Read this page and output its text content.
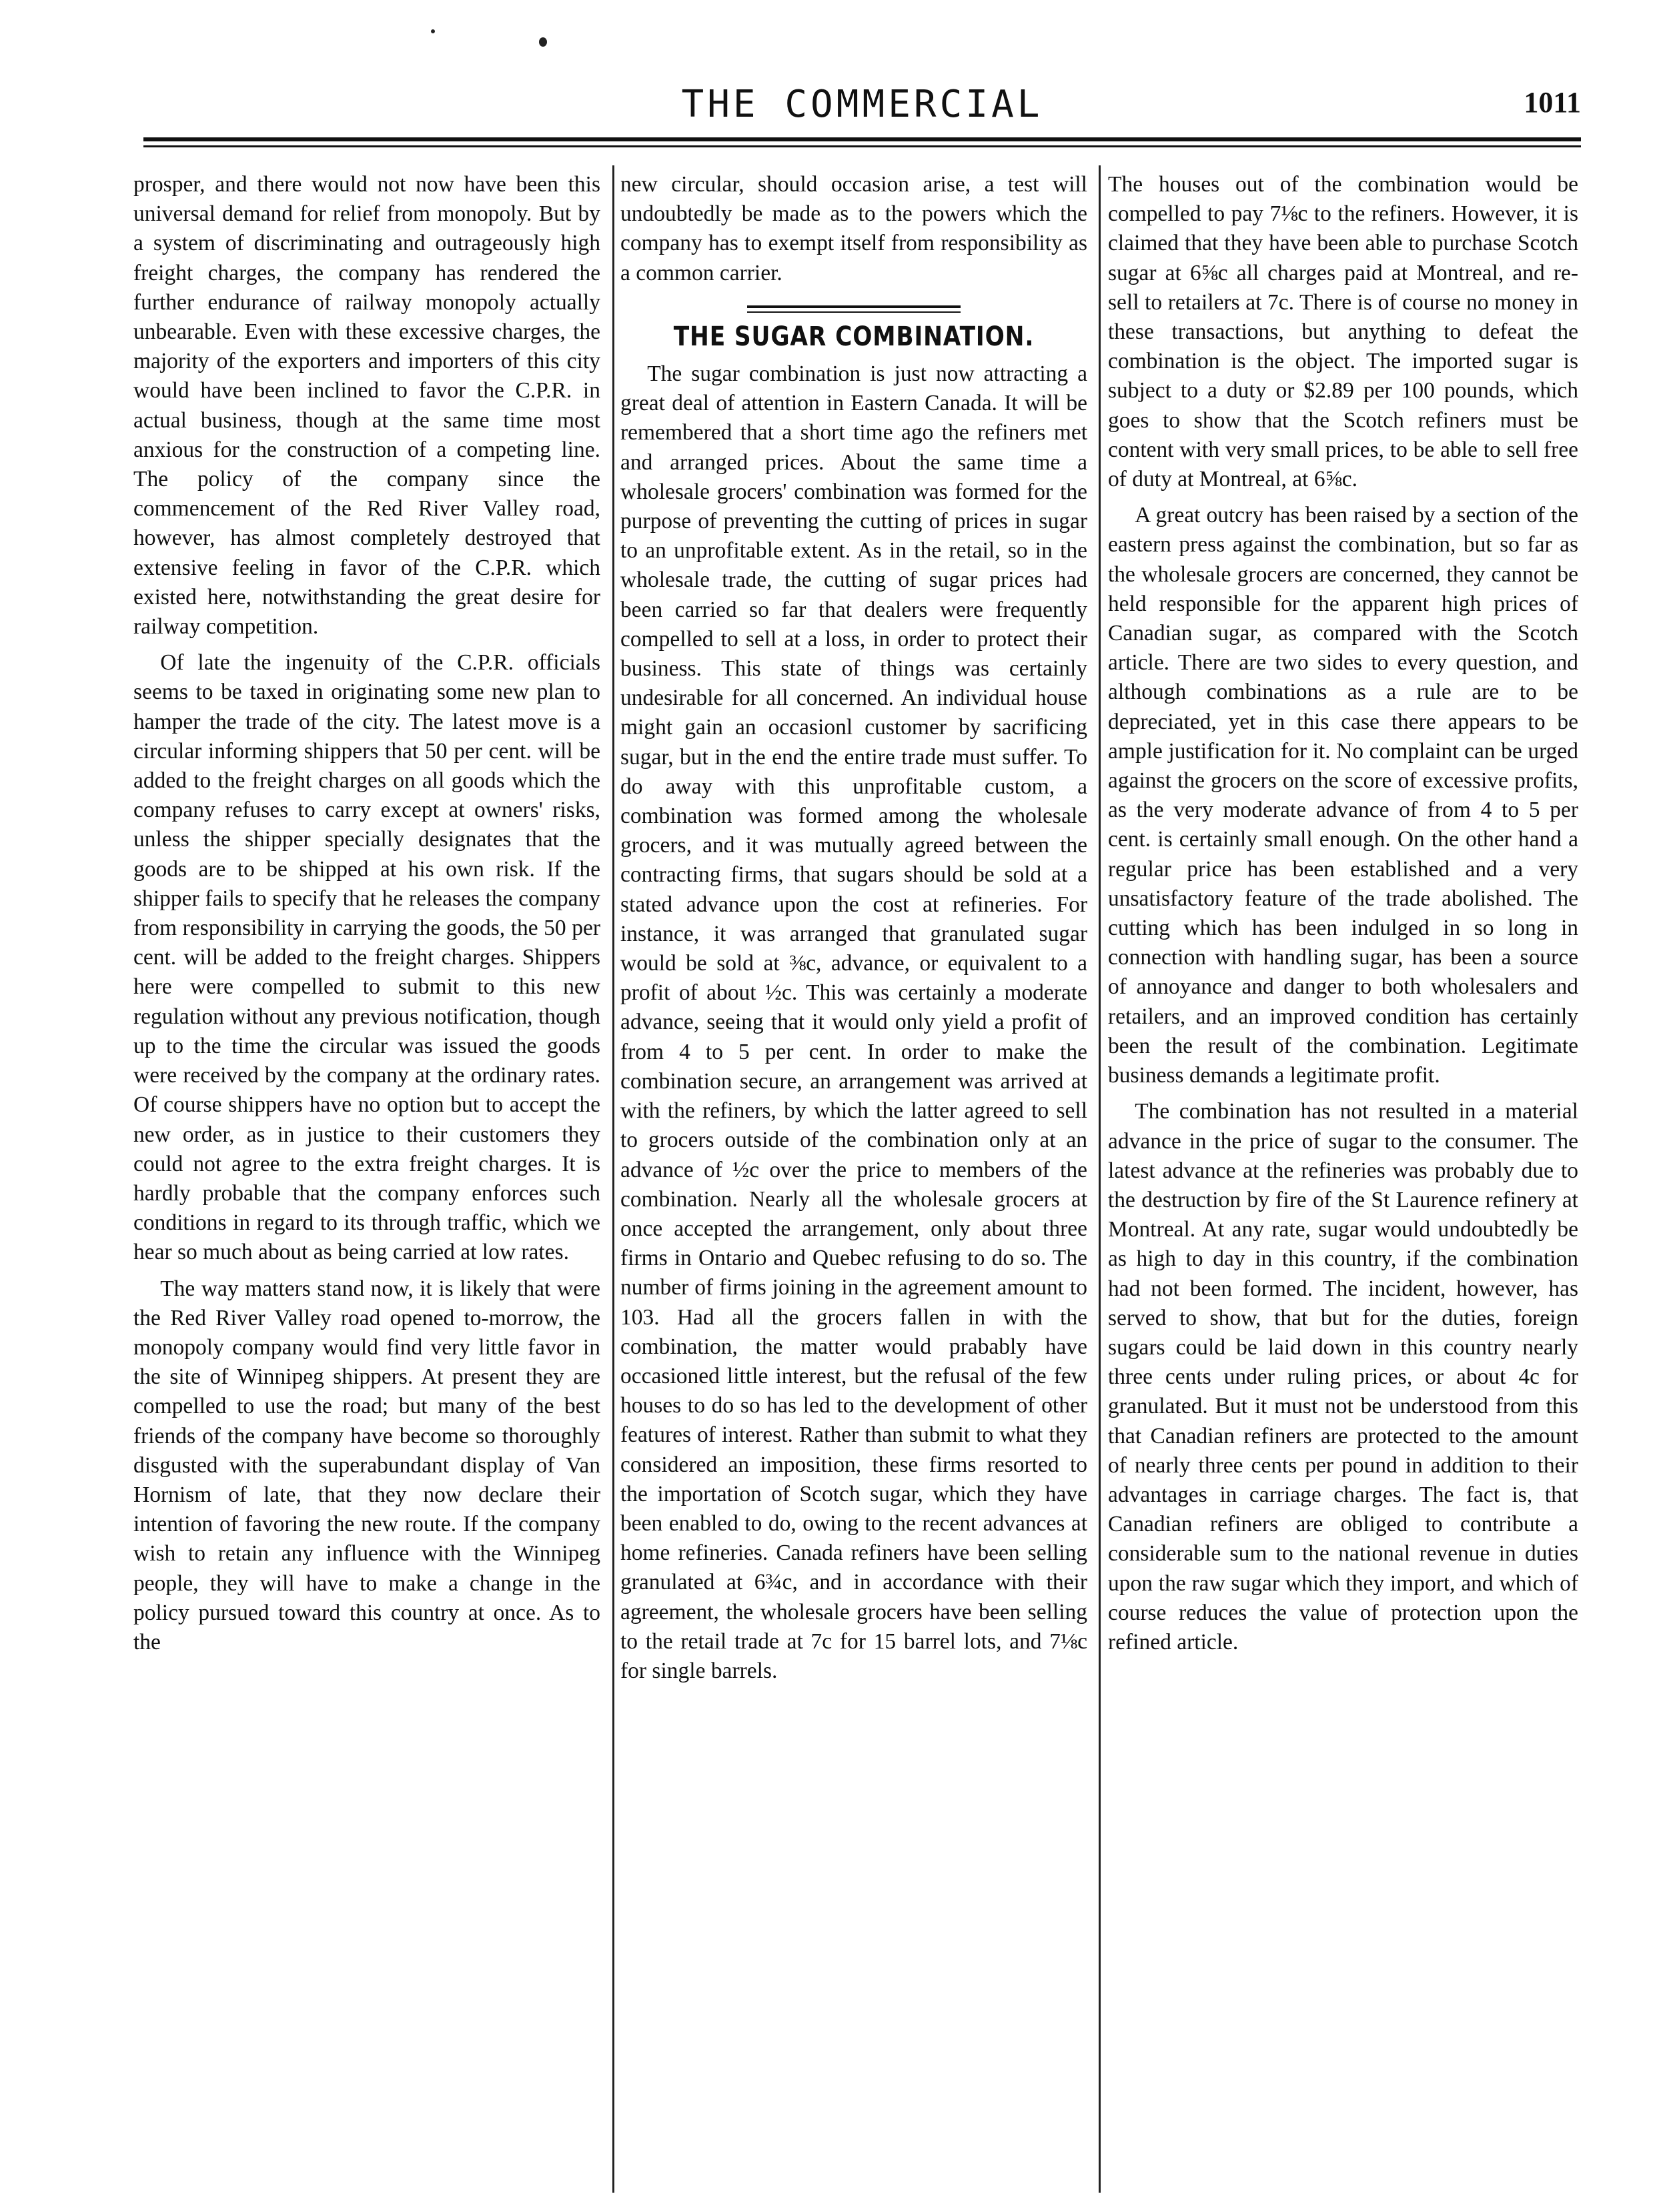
THE COMMERCIAL	1011

prosper, and there would not now have been this universal demand for relief from monopoly. But by a system of discriminating and outrageously high freight charges, the company has rendered the further endurance of railway monopoly actually unbearable. Even with these excessive charges, the majority of the exporters and importers of this city would have been inclined to favor the C.P.R. in actual business, though at the same time most anxious for the construction of a competing line. The policy of the company since the commencement of the Red River Valley road, however, has almost completely destroyed that extensive feeling in favor of the C.P.R. which existed here, notwithstanding the great desire for railway competition.

Of late the ingenuity of the C.P.R. officials seems to be taxed in originating some new plan to hamper the trade of the city. The latest move is a circular informing shippers that 50 per cent. will be added to the freight charges on all goods which the company refuses to carry except at owners' risks, unless the shipper specially designates that the goods are to be shipped at his own risk. If the shipper fails to specify that he releases the company from responsibility in carrying the goods, the 50 per cent. will be added to the freight charges. Shippers here were compelled to submit to this new regulation without any previous notification, though up to the time the circular was issued the goods were received by the company at the ordinary rates. Of course shippers have no option but to accept the new order, as in justice to their customers they could not agree to the extra freight charges. It is hardly probable that the company enforces such conditions in regard to its through traffic, which we hear so much about as being carried at low rates.

The way matters stand now, it is likely that were the Red River Valley road opened to-morrow, the monopoly company would find very little favor in the site of Winnipeg shippers. At present they are compelled to use the road; but many of the best friends of the company have become so thoroughly disgusted with the superabundant display of Van Hornism of late, that they now declare their intention of favoring the new route. If the company wish to retain any influence with the Winnipeg people, they will have to make a change in the policy pursued toward this country at once. As to the

new circular, should occasion arise, a test will undoubtedly be made as to the powers which the company has to exempt itself from responsibility as a common carrier.

THE SUGAR COMBINATION.

The sugar combination is just now attracting a great deal of attention in Eastern Canada. It will be remembered that a short time ago the refiners met and arranged prices. About the same time a wholesale grocers' combination was formed for the purpose of preventing the cutting of prices in sugar to an unprofitable extent. As in the retail, so in the wholesale trade, the cutting of sugar prices had been carried so far that dealers were frequently compelled to sell at a loss, in order to protect their business. This state of things was certainly undesirable for all concerned. An individual house might gain an occasionl customer by sacrificing sugar, but in the end the entire trade must suffer. To do away with this unprofitable custom, a combination was formed among the wholesale grocers, and it was mutually agreed between the contracting firms, that sugars should be sold at a stated advance upon the cost at refineries. For instance, it was arranged that granulated sugar would be sold at ⅜c, advance, or equivalent to a profit of about ½c. This was certainly a moderate advance, seeing that it would only yield a profit of from 4 to 5 per cent. In order to make the combination secure, an arrangement was arrived at with the refiners, by which the latter agreed to sell to grocers outside of the combination only at an advance of ½c over the price to members of the combination. Nearly all the wholesale grocers at once accepted the arrangement, only about three firms in Ontario and Quebec refusing to do so. The number of firms joining in the agreement amount to 103. Had all the grocers fallen in with the combination, the matter would prabably have occasioned little interest, but the refusal of the few houses to do so has led to the development of other features of interest. Rather than submit to what they considered an imposition, these firms resorted to the importation of Scotch sugar, which they have been enabled to do, owing to the recent advances at home refineries. Canada refiners have been selling granulated at 6¾c, and in accordance with their agreement, the wholesale grocers have been selling to the retail trade at 7c for 15 barrel lots, and 7⅛c for single barrels.

The houses out of the combination would be compelled to pay 7⅛c to the refiners. However, it is claimed that they have been able to purchase Scotch sugar at 6⅝c all charges paid at Montreal, and re-sell to retailers at 7c. There is of course no money in these transactions, but anything to defeat the combination is the object. The imported sugar is subject to a duty or $2.89 per 100 pounds, which goes to show that the Scotch refiners must be content with very small prices, to be able to sell free of duty at Montreal, at 6⅝c.

A great outcry has been raised by a section of the eastern press against the combination, but so far as the wholesale grocers are concerned, they cannot be held responsible for the apparent high prices of Canadian sugar, as compared with the Scotch article. There are two sides to every question, and although combinations as a rule are to be depreciated, yet in this case there appears to be ample justification for it. No complaint can be urged against the grocers on the score of excessive profits, as the very moderate advance of from 4 to 5 per cent. is certainly small enough. On the other hand a regular price has been established and a very unsatisfactory feature of the trade abolished. The cutting which has been indulged in so long in connection with handling sugar, has been a source of annoyance and danger to both wholesalers and retailers, and an improved condition has certainly been the result of the combination. Legitimate business demands a legitimate profit.

The combination has not resulted in a material advance in the price of sugar to the consumer. The latest advance at the refineries was probably due to the destruction by fire of the St Laurence refinery at Montreal. At any rate, sugar would undoubtedly be as high to day in this country, if the combination had not been formed. The incident, however, has served to show, that but for the duties, foreign sugars could be laid down in this country nearly three cents under ruling prices, or about 4c for granulated. But it must not be understood from this that Canadian refiners are protected to the amount of nearly three cents per pound in addition to their advantages in carriage charges. The fact is, that Canadian refiners are obliged to contribute a considerable sum to the national revenue in duties upon the raw sugar which they import, and which of course reduces the value of protection upon the refined article.
